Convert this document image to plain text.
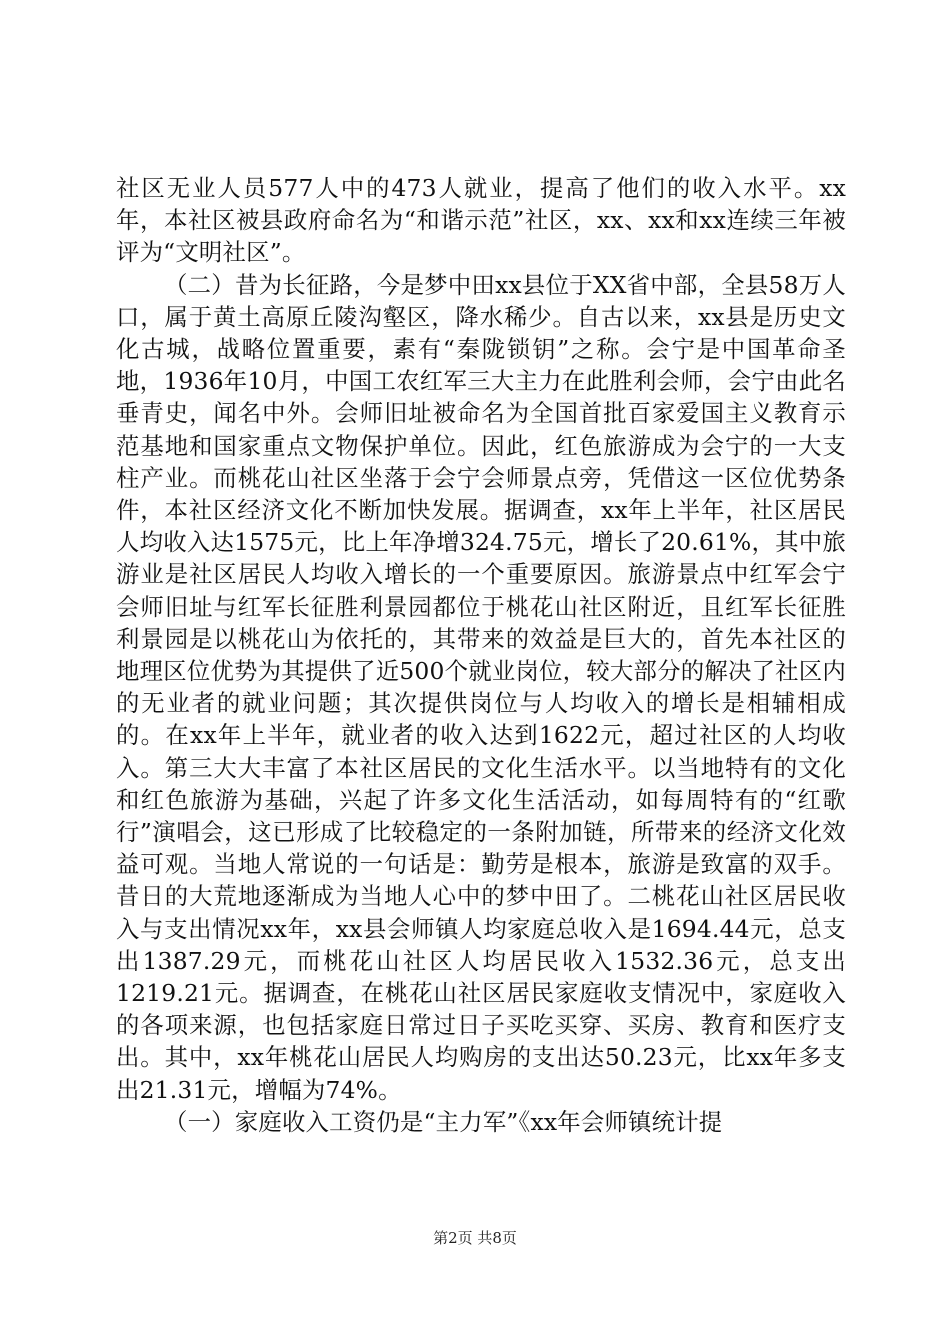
社区无业人员577人中的473人就业，提高了他们的收入水平。xx年，本社区被县政府命名为“和谐示范”社区，xx、xx和xx连续三年被评为“文明社区”。

（二）昔为长征路，今是梦中田xx县位于XX省中部，全县58万人口，属于黄土高原丘陵沟壑区，降水稀少。自古以来，xx县是历史文化古城，战略位置重要，素有“秦陇锁钥”之称。会宁是中国革命圣地，1936年10月，中国工农红军三大主力在此胜利会师，会宁由此名垂青史，闻名中外。会师旧址被命名为全国首批百家爱国主义教育示范基地和国家重点文物保护单位。因此，红色旅游成为会宁的一大支柱产业。而桃花山社区坐落于会宁会师景点旁，凭借这一区位优势条件，本社区经济文化不断加快发展。据调查，xx年上半年，社区居民人均收入达1575元，比上年净增324.75元，增长了20.61%，其中旅游业是社区居民人均收入增长的一个重要原因。旅游景点中红军会宁会师旧址与红军长征胜利景园都位于桃花山社区附近，且红军长征胜利景园是以桃花山为依托的，其带来的效益是巨大的，首先本社区的地理区位优势为其提供了近500个就业岗位，较大部分的解决了社区内的无业者的就业问题；其次提供岗位与人均收入的增长是相辅相成的。在xx年上半年，就业者的收入达到1622元，超过社区的人均收入。第三大大丰富了本社区居民的文化生活水平。以当地特有的文化和红色旅游为基础，兴起了许多文化生活活动，如每周特有的“红歌行”演唱会，这已形成了比较稳定的一条附加链，所带来的经济文化效益可观。当地人常说的一句话是：勤劳是根本，旅游是致富的双手。昔日的大荒地逐渐成为当地人心中的梦中田了。二桃花山社区居民收入与支出情况xx年，xx县会师镇人均家庭总收入是1694.44元，总支出1387.29元，而桃花山社区人均居民收入1532.36元，总支出1219.21元。据调查，在桃花山社区居民家庭收支情况中，家庭收入的各项来源，也包括家庭日常过日子买吃买穿、买房、教育和医疗支出。其中，xx年桃花山居民人均购房的支出达50.23元，比xx年多支出21.31元，增幅为74%。

（一）家庭收入工资仍是“主力军”《xx年会师镇统计提

第2页 共8页
